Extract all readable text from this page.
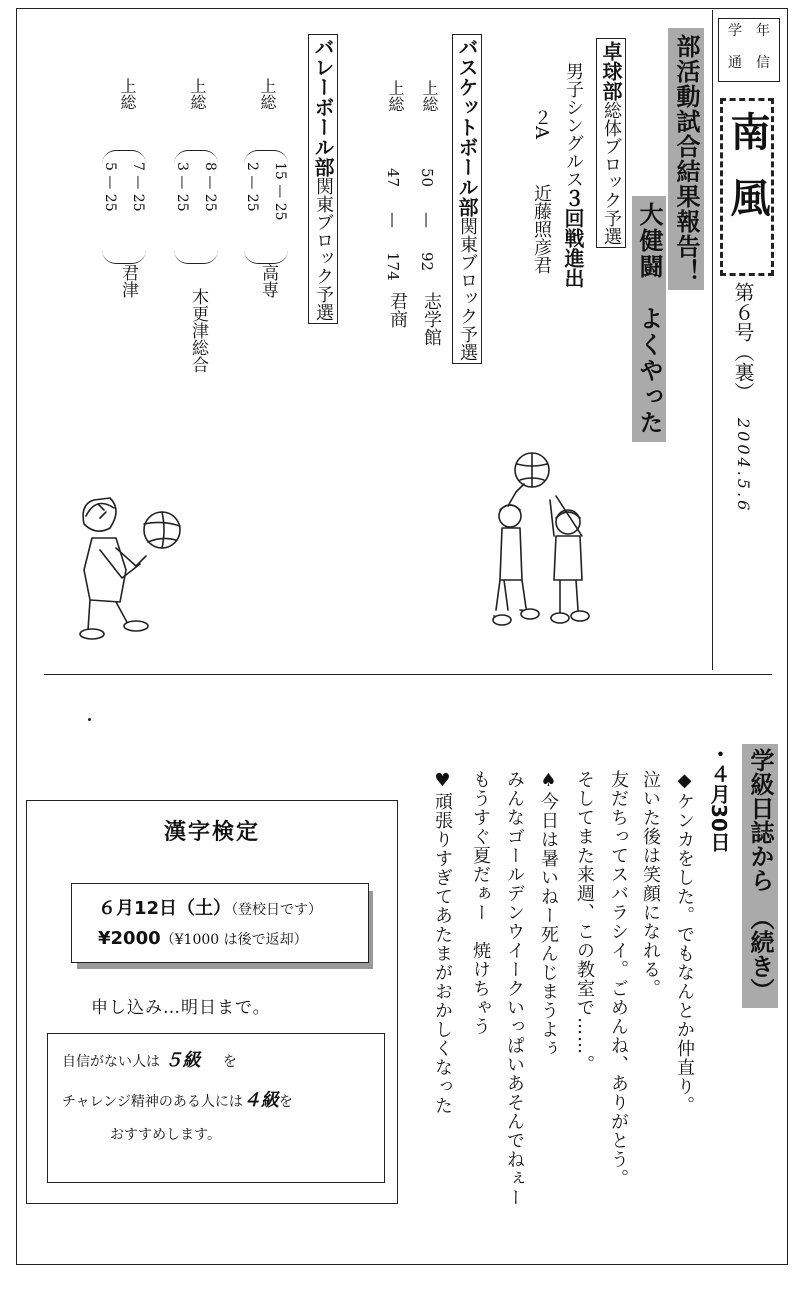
年
学
信
通
南風
第６号（裏）
2004.5.6
部活動試合結果報告！
大健闘　よくやった
卓球部総体ブロック予選
男子シングルス３回戦進出
２A
近藤照彦君
バスケットボール部関東ブロック予選
上総
50
—
92
志学館
上総
47
—
174
君商
バレーボール部関東ブロック予選
上総
15 — 25
2 — 25
高専
上総
8 — 25
3 — 25
木更津総合
上総
7 — 25
5 — 25
君津
学級日誌から（続き）
・４月30日
◆ケンカをした。でもなんとか仲直り。
泣いた後は笑顔になれる。
友だちってスバラシイ。ごめんね、ありがとう。
そしてまた来週、この教室で……。
♠今日は暑いねー死んじまうよぅ
みんなゴールデンウイークいっぱいあそんでねぇー
もうすぐ夏だぁー　焼けちゃう
♥頑張りすぎてあたまがおかしくなった
漢字検定
６月12日（土）（登校日です）
¥2000（¥1000 は後で返却）
申し込み…明日まで。
自信がない人は ５級 を
チャレンジ精神のある人には４級を
おすすめします。
